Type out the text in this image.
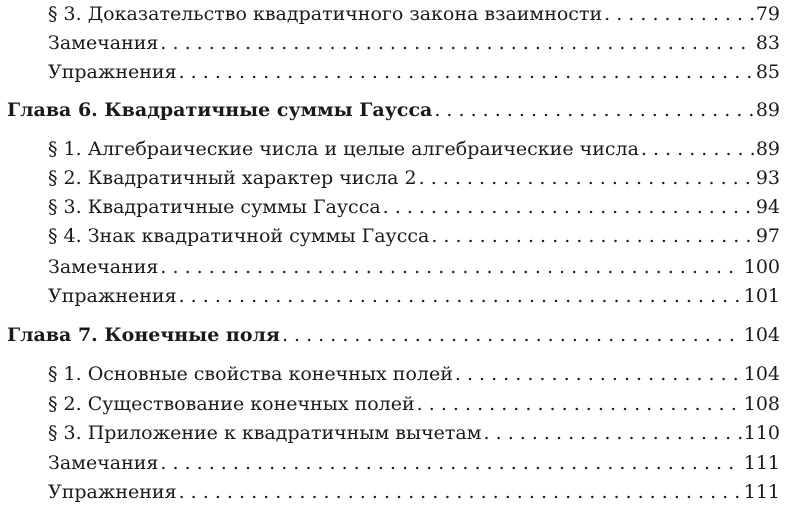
§ 3. Доказательство квадратичного закона взаимности . . .	79
Замечания . . .	83
Упражнения . . .	85
Глава 6. Квадратичные суммы Гаусса . . .	89
§ 1. Алгебраические числа и целые алгебраические числа . . .	89
§ 2. Квадратичный характер числа 2 . . .	93
§ 3. Квадратичные суммы Гаусса . . .	94
§ 4. Знак квадратичной суммы Гаусса . . .	97
Замечания . . .	100
Упражнения . . .	101
Глава 7. Конечные поля . . .	104
§ 1. Основные свойства конечных полей . . .	104
§ 2. Существование конечных полей . . .	108
§ 3. Приложение к квадратичным вычетам . . .	110
Замечания . . .	111
Упражнения . . .	111
